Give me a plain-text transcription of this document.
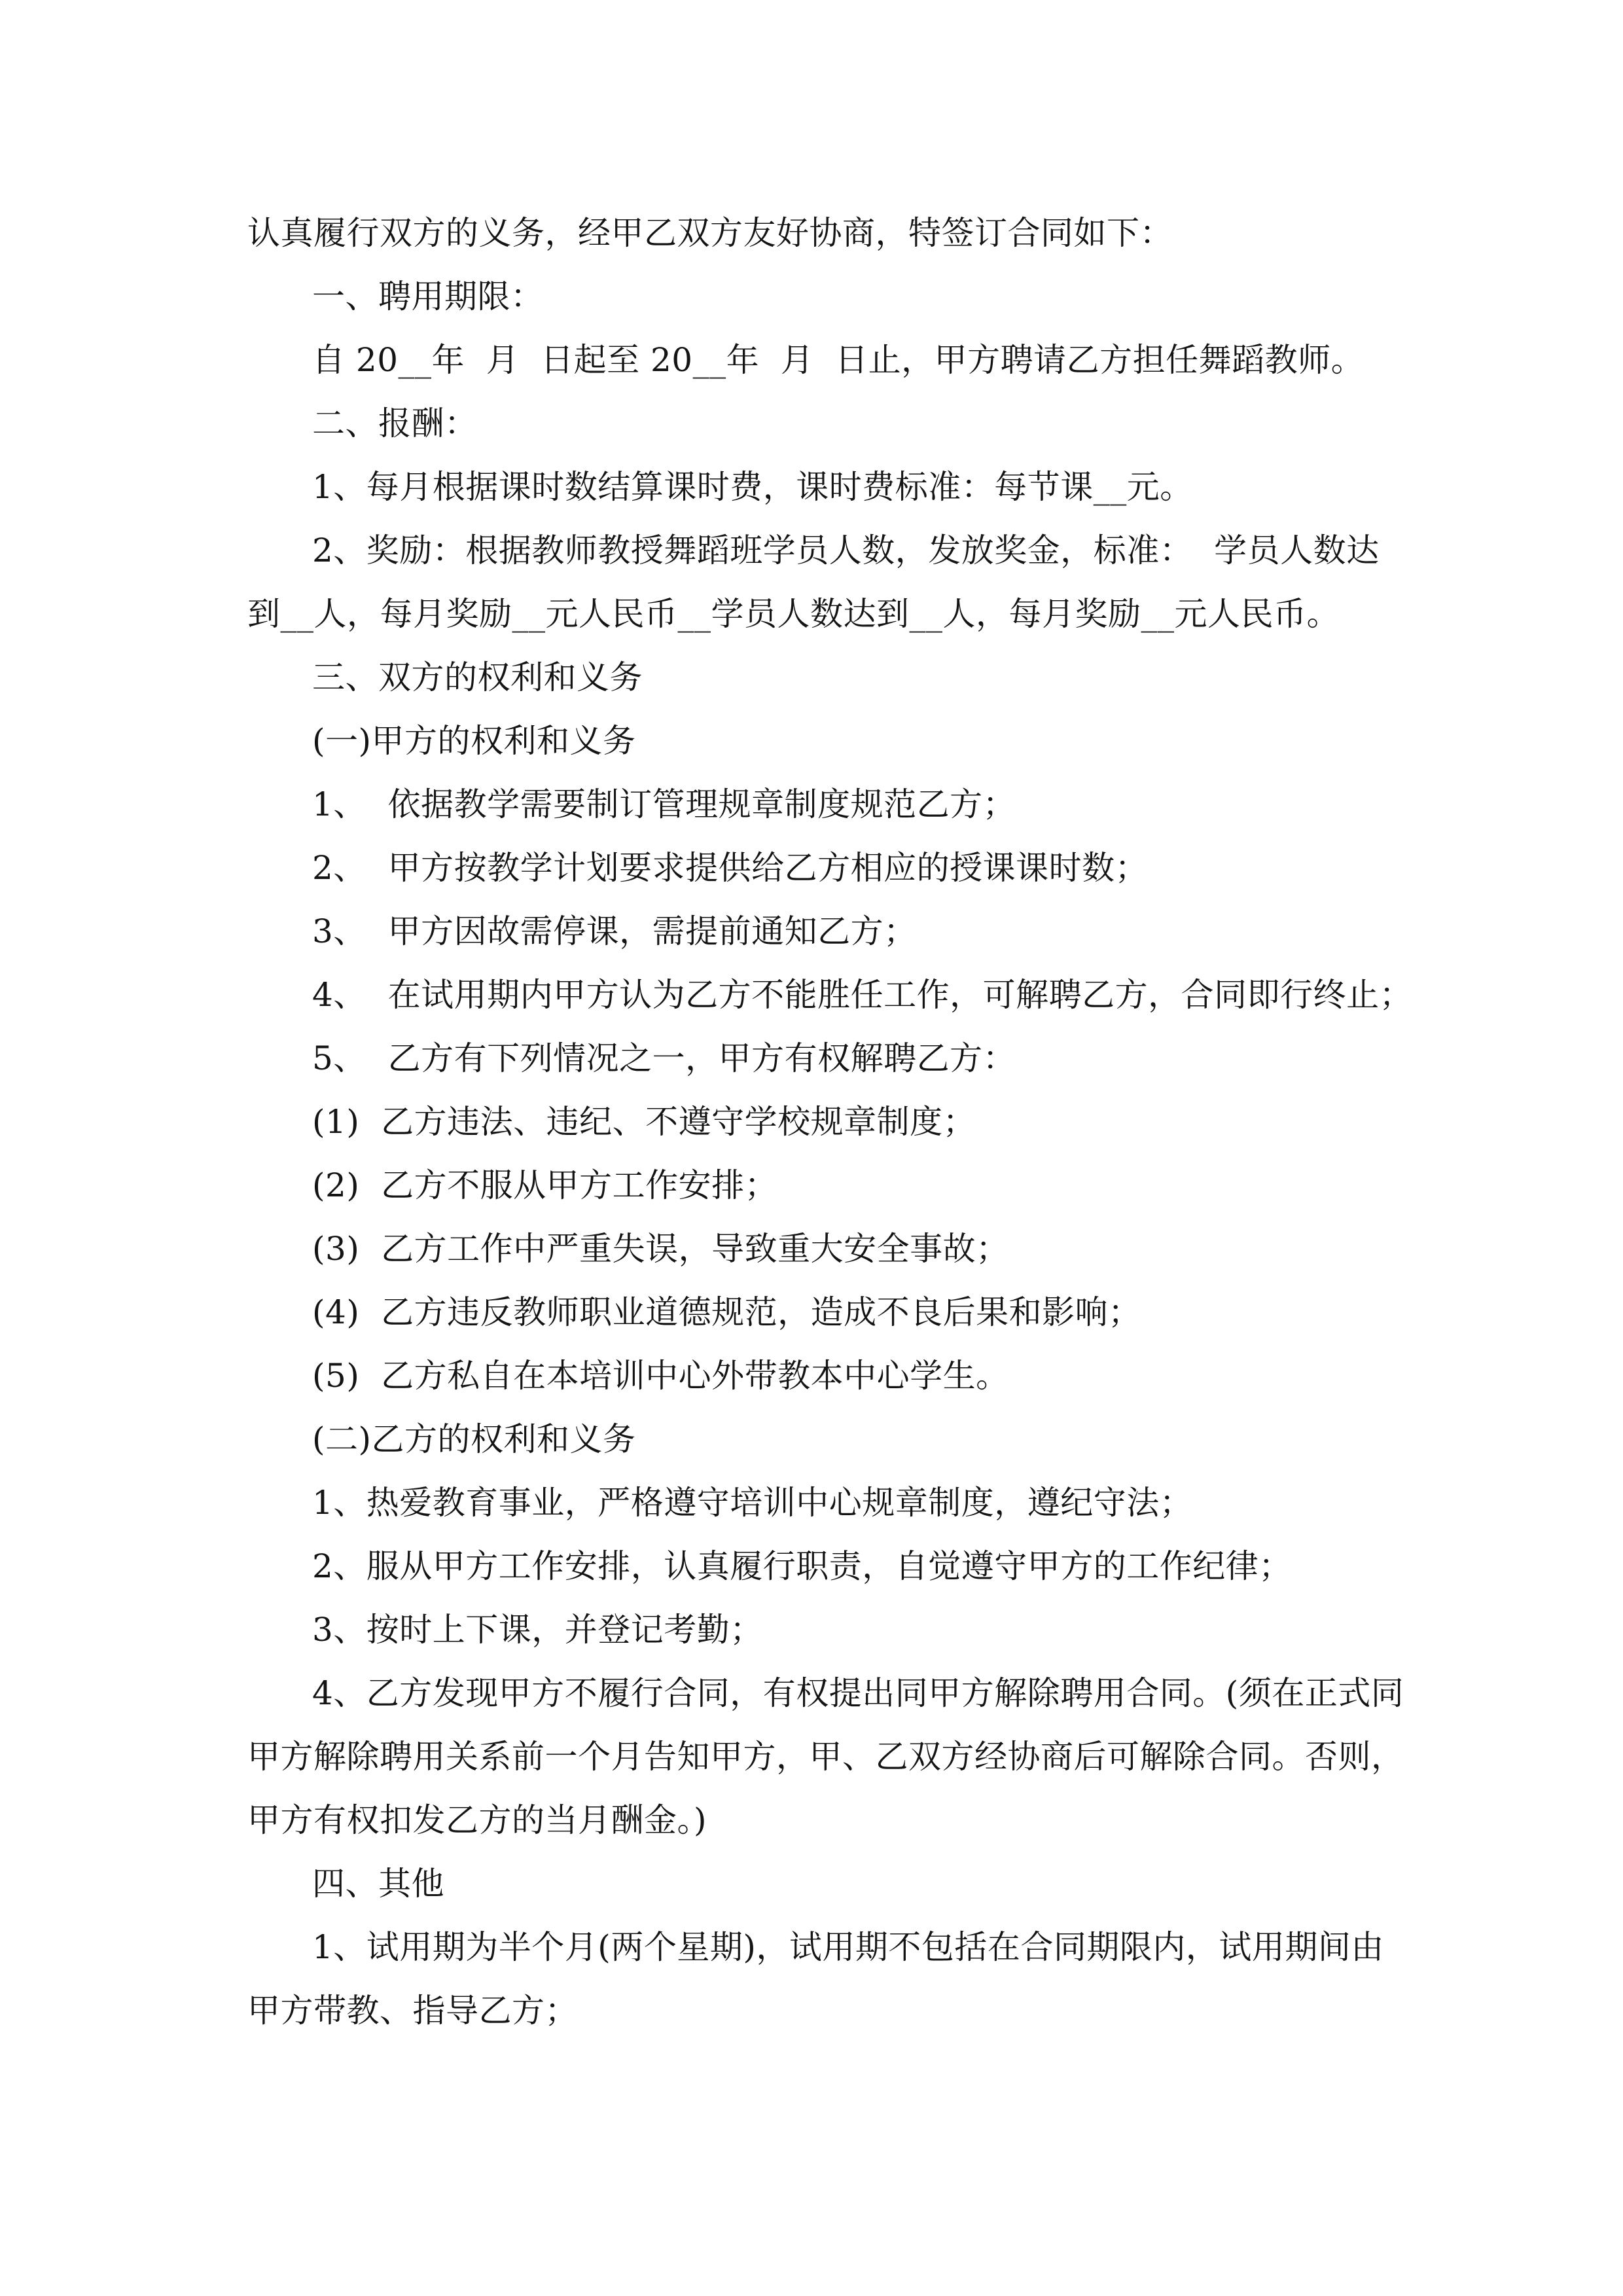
认真履行双方的义务，经甲乙双方友好协商，特签订合同如下：
一、聘用期限：
自 20__年  月  日起至 20__年  月  日止，甲方聘请乙方担任舞蹈教师。
二、报酬：
1、每月根据课时数结算课时费，课时费标准：每节课__元。
2、奖励：根据教师教授舞蹈班学员人数，发放奖金，标准：  学员人数达
到__人，每月奖励__元人民币__学员人数达到__人，每月奖励__元人民币。
三、双方的权利和义务
(一)甲方的权利和义务
1、  依据教学需要制订管理规章制度规范乙方；
2、  甲方按教学计划要求提供给乙方相应的授课课时数；
3、  甲方因故需停课，需提前通知乙方；
4、  在试用期内甲方认为乙方不能胜任工作，可解聘乙方，合同即行终止；
5、  乙方有下列情况之一，甲方有权解聘乙方：
(1)  乙方违法、违纪、不遵守学校规章制度；
(2)  乙方不服从甲方工作安排；
(3)  乙方工作中严重失误，导致重大安全事故；
(4)  乙方违反教师职业道德规范，造成不良后果和影响；
(5)  乙方私自在本培训中心外带教本中心学生。
(二)乙方的权利和义务
1、热爱教育事业，严格遵守培训中心规章制度，遵纪守法；
2、服从甲方工作安排，认真履行职责，自觉遵守甲方的工作纪律；
3、按时上下课，并登记考勤；
4、乙方发现甲方不履行合同，有权提出同甲方解除聘用合同。(须在正式同
甲方解除聘用关系前一个月告知甲方，甲、乙双方经协商后可解除合同。否则，
甲方有权扣发乙方的当月酬金。)
四、其他
1、试用期为半个月(两个星期)，试用期不包括在合同期限内，试用期间由
甲方带教、指导乙方；
